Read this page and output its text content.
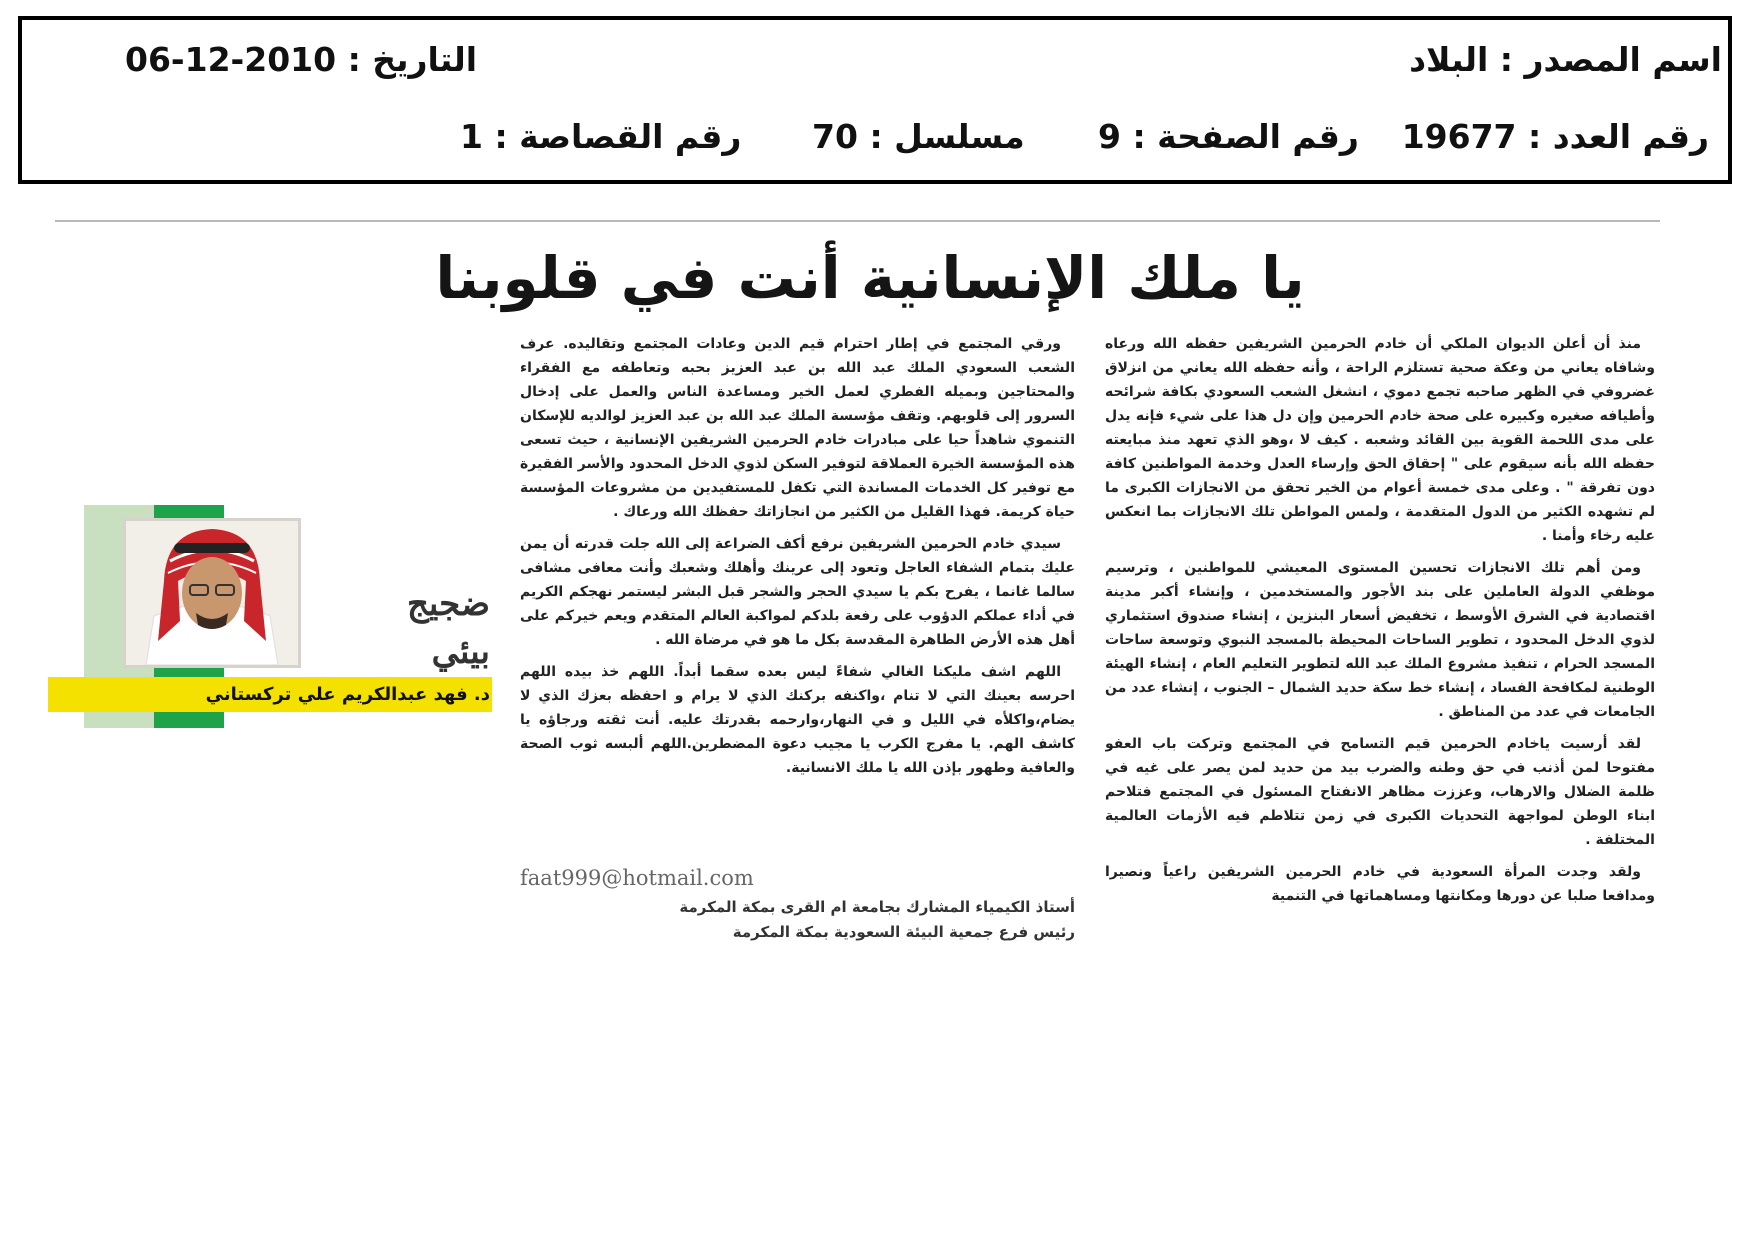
اسم المصدر : البلاد
التاريخ : 06-12-2010
رقم العدد : 19677
رقم الصفحة : 9
مسلسل : 70
رقم القصاصة : 1
يا ملك الإنسانية أنت في قلوبنا

منذ أن أعلن الديوان الملكي أن خادم الحرمين الشريفين حفظه الله ورعاه وشافاه يعاني من وعكة صحية تستلزم الراحة ، وأنه حفظه الله يعاني من انزلاق غضروفي في الظهر صاحبه تجمع دموي ، انشغل الشعب السعودي بكافة شرائحه وأطيافه صغيره وكبيره على صحة خادم الحرمين وإن دل هذا على شيء فإنه يدل على مدى اللحمة القوية بين القائد وشعبه . كيف لا ،وهو الذي تعهد منذ مبايعته حفظه الله بأنه سيقوم على " إحقاق الحق وإرساء العدل وخدمة المواطنين كافة دون تفرقة " . وعلى مدى خمسة أعوام من الخير تحقق من الانجازات الكبرى ما لم تشهده الكثير من الدول المتقدمة ، ولمس المواطن تلك الانجازات بما انعكس عليه رخاء وأمنا .

ومن أهم تلك الانجازات تحسين المستوى المعيشي للمواطنين ، وترسيم موظفي الدولة العاملين على بند الأجور والمستخدمين ، وإنشاء أكبر مدينة اقتصادية في الشرق الأوسط ، تخفيض أسعار البنزين ، إنشاء صندوق استثماري لذوي الدخل المحدود ، تطوير الساحات المحيطة بالمسجد النبوي وتوسعة ساحات المسجد الحرام ، تنفيذ مشروع الملك عبد الله لتطوير التعليم العام ، إنشاء الهيئة الوطنية لمكافحة الفساد ، إنشاء خط سكة حديد الشمال – الجنوب ، إنشاء عدد من الجامعات في عدد من المناطق .

لقد أرسيت ياخادم الحرمين قيم التسامح في المجتمع وتركت باب العفو مفتوحا لمن أذنب في حق وطنه والضرب بيد من حديد لمن يصر على غيه في ظلمة الضلال والارهاب، وعززت مظاهر الانفتاح المسئول في المجتمع فتلاحم ابناء الوطن لمواجهة التحديات الكبرى في زمن تتلاطم فيه الأزمات العالمية المختلفة .

ولقد وجدت المرأة السعودية في خادم الحرمين الشريفين راعياً ونصيرا ومدافعا صلبا عن دورها ومكانتها ومساهماتها في التنمية

ورقي المجتمع في إطار احترام قيم الدين وعادات المجتمع وتقاليده. عرف الشعب السعودي الملك عبد الله بن عبد العزيز بحبه وتعاطفه مع الفقراء والمحتاجين وبميله الفطري لعمل الخير ومساعدة الناس والعمل على إدخال السرور إلى قلوبهم. وتقف مؤسسة الملك عبد الله بن عبد العزيز لوالديه للإسكان التنموي شاهداً حيا على مبادرات خادم الحرمين الشريفين الإنسانية ، حيث تسعى هذه المؤسسة الخيرة العملاقة لتوفير السكن لذوي الدخل المحدود والأسر الفقيرة مع توفير كل الخدمات المساندة التي تكفل للمستفيدين من مشروعات المؤسسة حياة كريمة. فهذا القليل من الكثير من انجازاتك حفظك الله ورعاك .

سيدي خادم الحرمين الشريفين نرفع أكف الضراعة إلى الله جلت قدرته أن يمن عليك بتمام الشفاء العاجل وتعود إلى عرينك وأهلك وشعبك وأنت معافى مشافى سالما غانما ، يفرح بكم يا سيدي الحجر والشجر قبل البشر ليستمر نهجكم الكريم في أداء عملكم الدؤوب على رفعة بلدكم لمواكبة العالم المتقدم ويعم خيركم على أهل هذه الأرض الطاهرة المقدسة بكل ما هو في مرضاة الله .

اللهم اشف مليكنا الغالي شفاءً ليس بعده سقما أبداً. اللهم خذ بيده اللهم احرسه بعينك التي لا تنام ،واكنفه بركنك الذي لا يرام و احفظه بعزك الذي لا يضام،واكلأه في الليل و في النهار،وارحمه بقدرتك عليه. أنت ثقته ورجاؤه يا كاشف الهم. يا مفرج الكرب يا مجيب دعوة المضطرين.اللهم ألبسه ثوب الصحة والعافية وطهور بإذن الله يا ملك الانسانية.

faat999@hotmail.com
أستاذ الكيمياء المشارك بجامعة ام القرى بمكة المكرمة
رئيس فرع جمعية البيئة السعودية بمكة المكرمة
د. فهد عبدالكريم علي تركستاني
ضجيج بيئي
